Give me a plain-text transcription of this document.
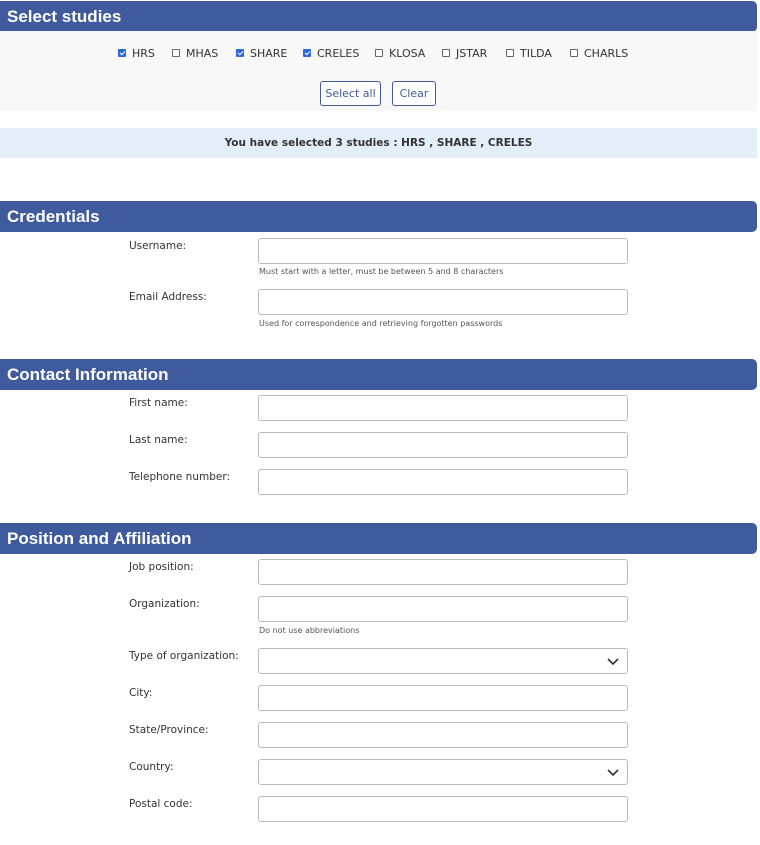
Select studies
HRS	MHAS	SHARE	CRELES	KLOSA	JSTAR	TILDA	CHARLS
Select all	Clear
You have selected 3 studies : HRS , SHARE , CRELES
Credentials
Username:
Must start with a letter, must be between 5 and 8 characters
Email Address:
Used for correspondence and retrieving forgotten passwords
Contact Information
First name:
Last name:
Telephone number:
Position and Affiliation
Job position:
Organization:
Do not use abbreviations
Type of organization:
City:
State/Province:
Country:
Postal code:
